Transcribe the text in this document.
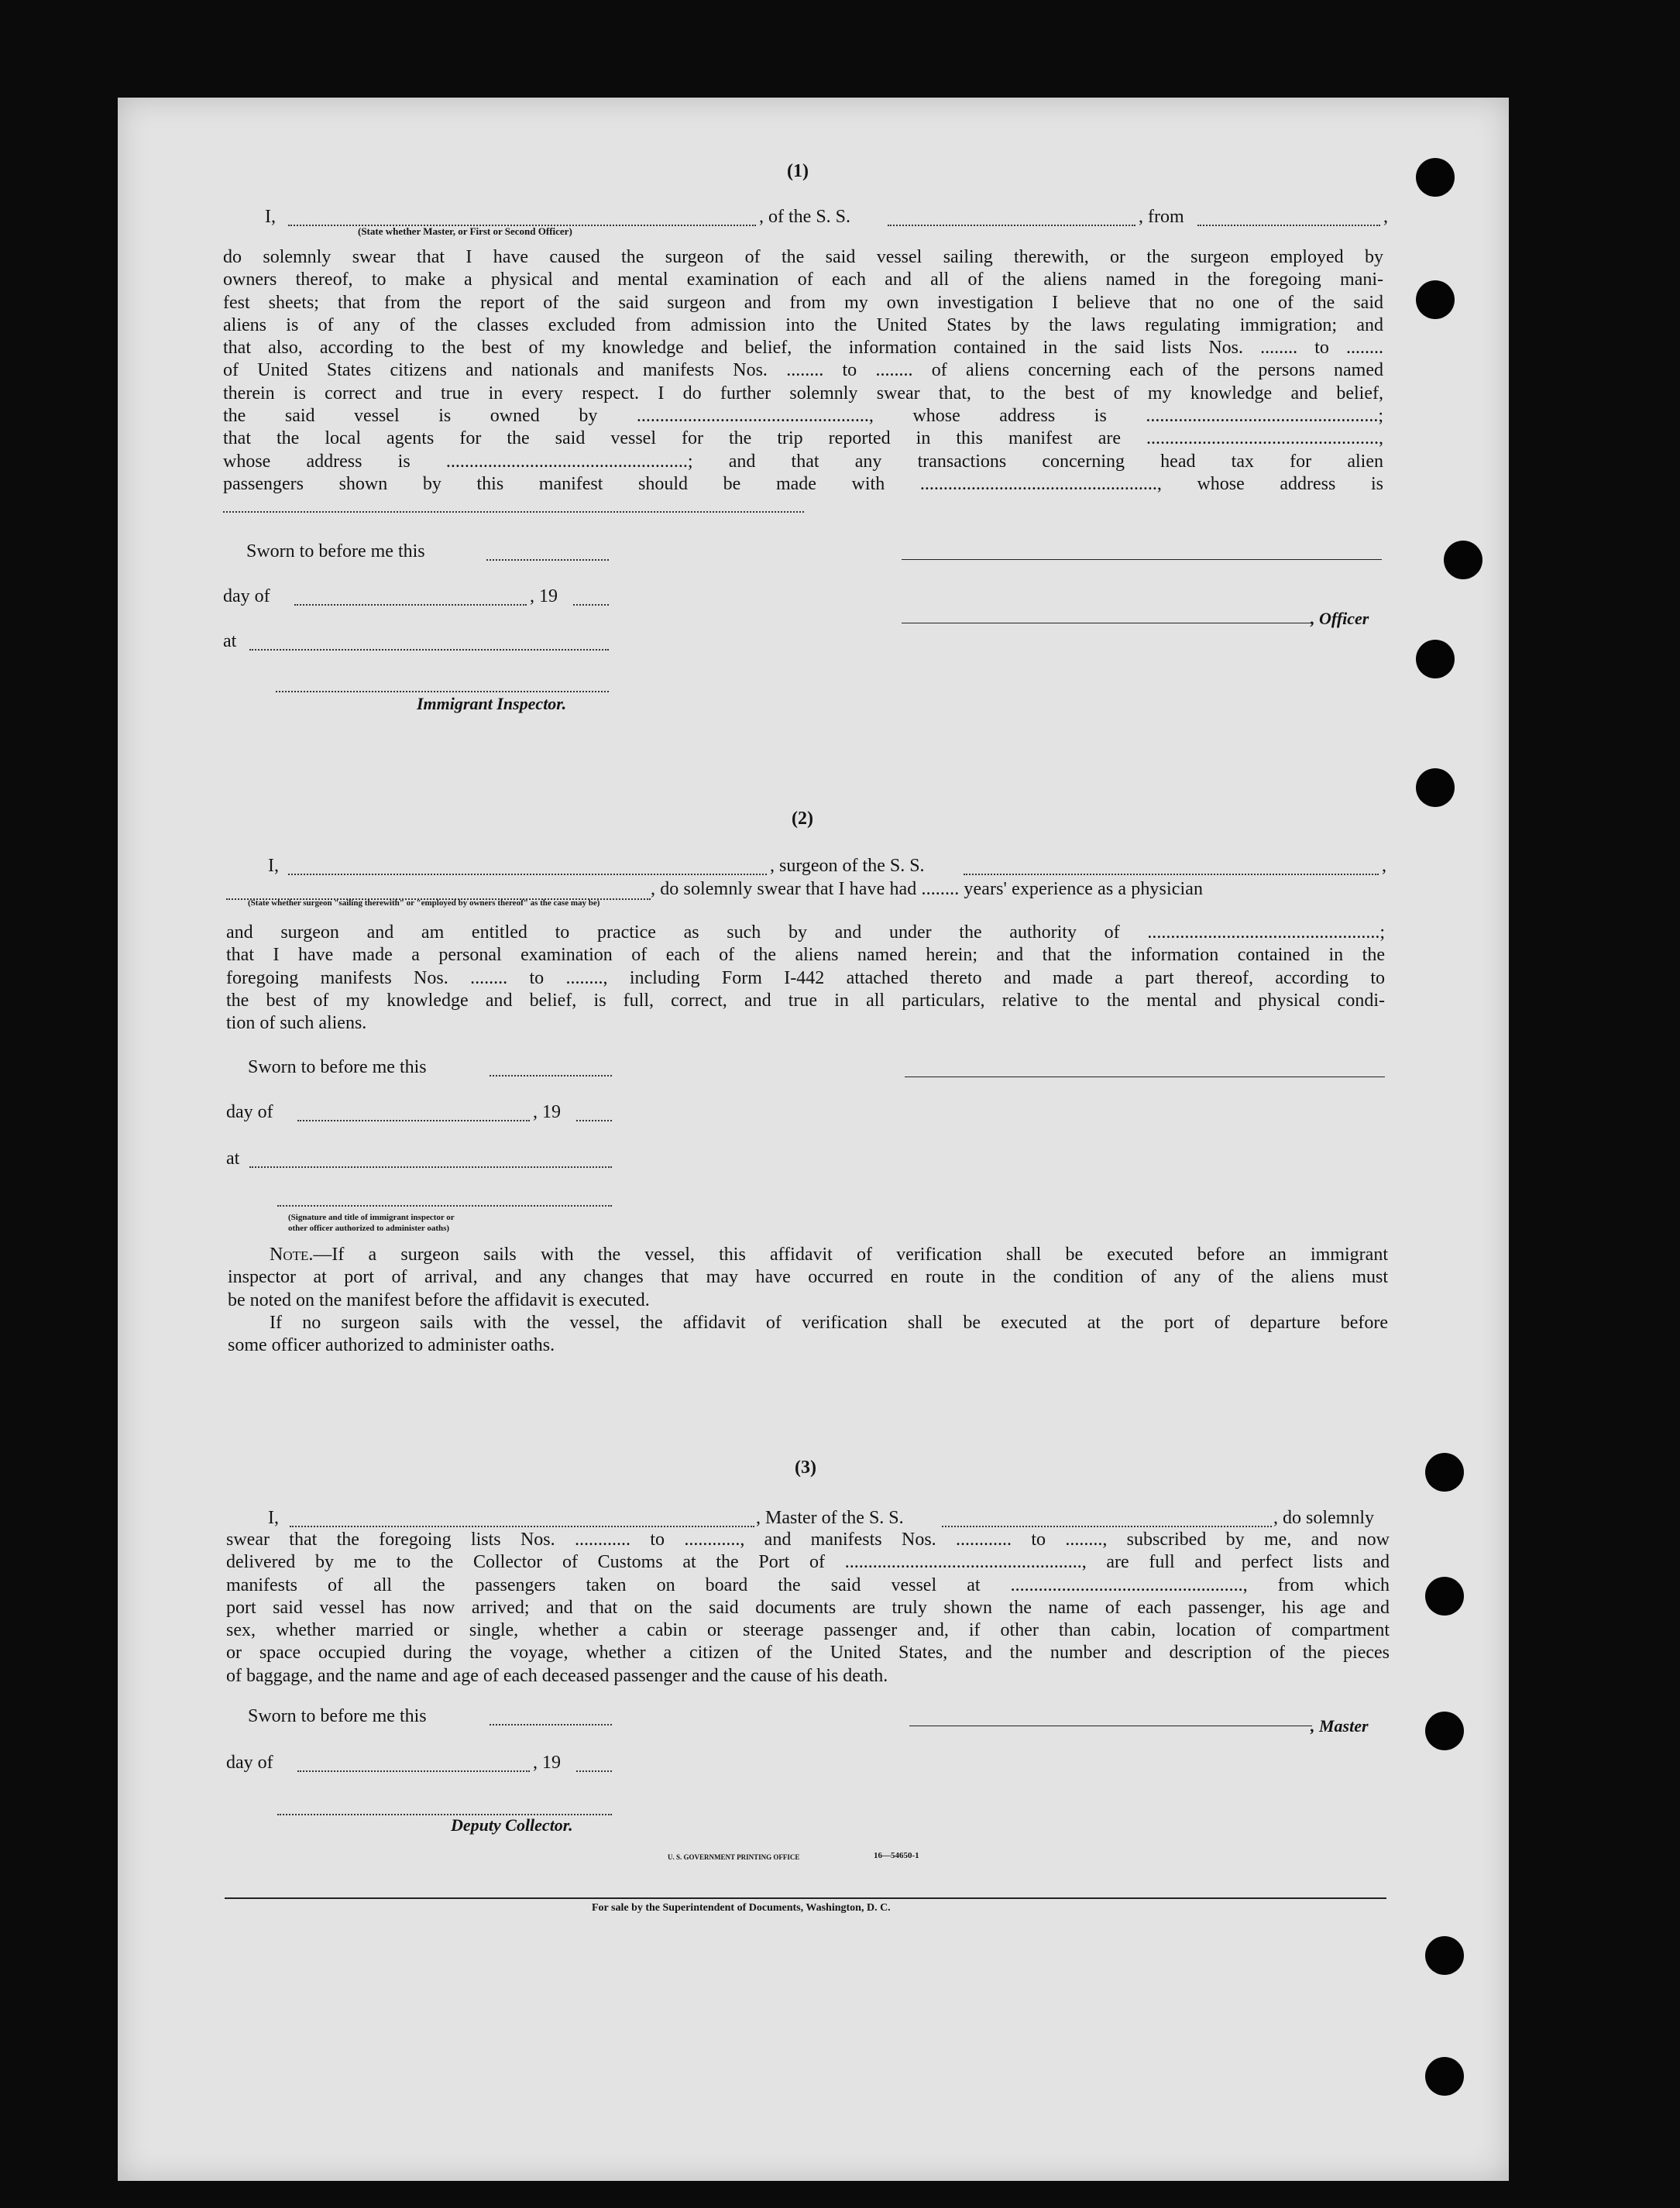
(1)
I,	, of the S. S.	, from	,
(State whether Master, or First or Second Officer)
do solemnly swear that I have caused the surgeon of the said vessel sailing therewith, or the surgeon employed by
owners thereof, to make a physical and mental examination of each and all of the aliens named in the foregoing mani-
fest sheets; that from the report of the said surgeon and from my own investigation I believe that no one of the said
aliens is of any of the classes excluded from admission into the United States by the laws regulating immigration; and
that also, according to the best of my knowledge and belief, the information contained in the said lists Nos. ........ to ........
of United States citizens and nationals and manifests Nos. ........ to ........ of aliens concerning each of the persons named
therein is correct and true in every respect. I do further solemnly swear that, to the best of my knowledge and belief,
the said vessel is owned by .................................................., whose address is ..................................................;
that the local agents for the said vessel for the trip reported in this manifest are ..................................................,
whose address is ....................................................; and that any transactions concerning head tax for alien
passengers shown by this manifest should be made with ..................................................., whose address is
Sworn to before me this
day of	, 19
at
Immigrant Inspector.
, Officer
(2)
I,	, surgeon of the S. S.	,
, do solemnly swear that I have had ........ years' experience as a physician
(State whether surgeon "sailing therewith" or "employed by owners thereof" as the case may be)
and surgeon and am entitled to practice as such by and under the authority of ..................................................;
that I have made a personal examination of each of the aliens named herein; and that the information contained in the
foregoing manifests Nos. ........ to ........, including Form I-442 attached thereto and made a part thereof, according to
the best of my knowledge and belief, is full, correct, and true in all particulars, relative to the mental and physical condi-
tion of such aliens.
Sworn to before me this
day of	, 19
at
(Signature and title of immigrant inspector or
other officer authorized to administer oaths)
Note.—If a surgeon sails with the vessel, this affidavit of verification shall be executed before an immigrant
inspector at port of arrival, and any changes that may have occurred en route in the condition of any of the aliens must
be noted on the manifest before the affidavit is executed.
If no surgeon sails with the vessel, the affidavit of verification shall be executed at the port of departure before
some officer authorized to administer oaths.
(3)
I,	, Master of the S. S.	, do solemnly
swear that the foregoing lists Nos. ............ to ............, and manifests Nos. ............ to ........, subscribed by me, and now
delivered by me to the Collector of Customs at the Port of ..................................................., are full and perfect lists and
manifests of all the passengers taken on board the said vessel at .................................................., from which
port said vessel has now arrived; and that on the said documents are truly shown the name of each passenger, his age and
sex, whether married or single, whether a cabin or steerage passenger and, if other than cabin, location of compartment
or space occupied during the voyage, whether a citizen of the United States, and the number and description of the pieces
of baggage, and the name and age of each deceased passenger and the cause of his death.
Sworn to before me this
day of	, 19
Deputy Collector.
, Master
U. S. GOVERNMENT PRINTING OFFICE	16—54650-1
For sale by the Superintendent of Documents, Washington, D. C.
